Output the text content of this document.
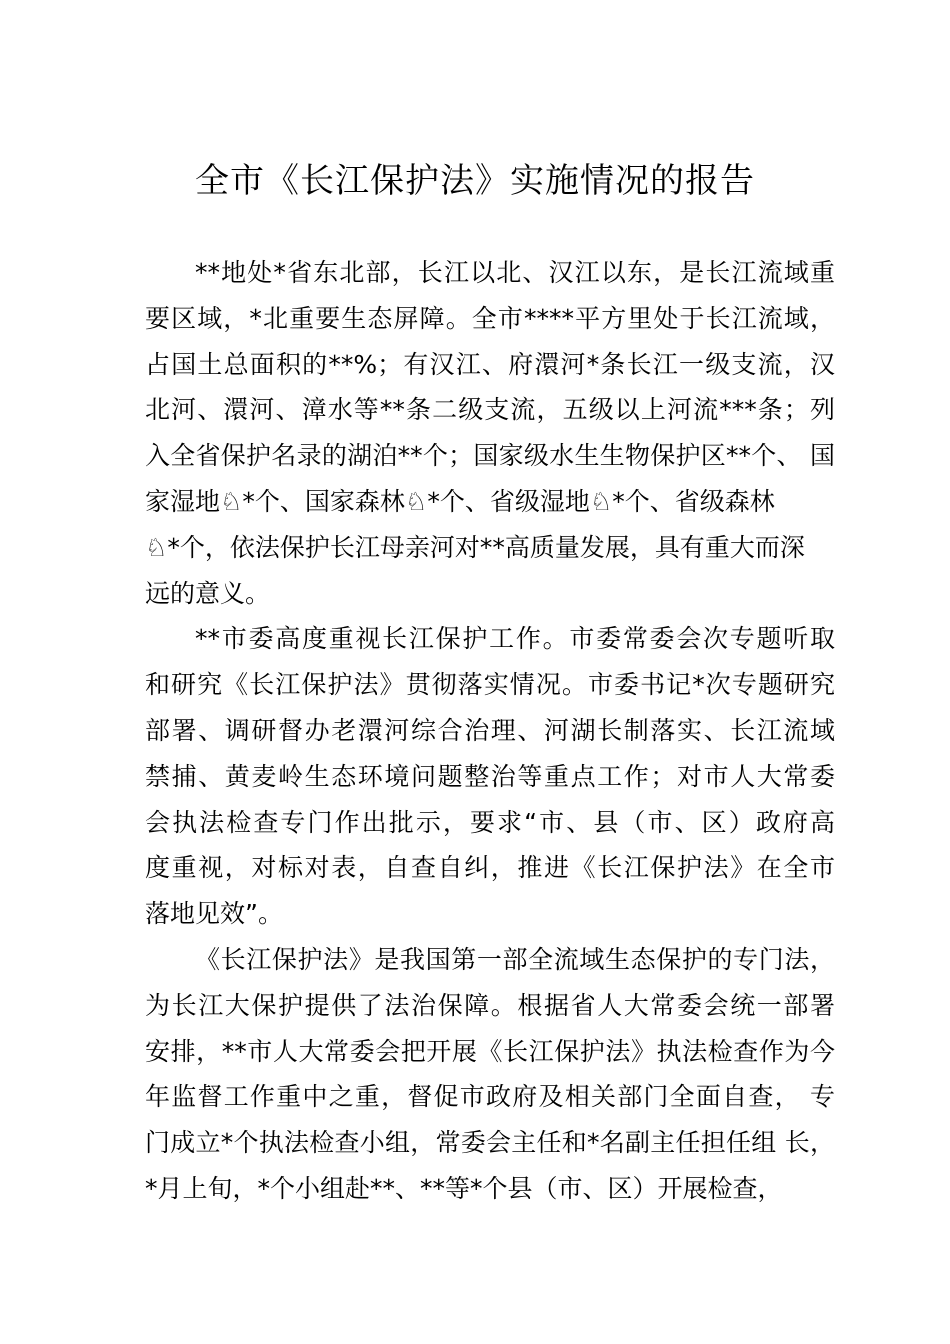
全市《长江保护法》实施情况的报告
**地处*省东北部，长江以北、汉江以东，是长江流域重
要区域，*北重要生态屏障。全市****平方里处于长江流域，
占国土总面积的**%；有汉江、府澴河*条长江一级支流，汉
北河、澴河、漳水等**条二级支流，五级以上河流***条；列
入全省保护名录的湖泊**个；国家级水生生物保护区**个、 国
家湿地♘*个、国家森林♘*个、省级湿地♘*个、省级森林
♘*个，依法保护长江母亲河对**高质量发展，具有重大而深
远的意义。
**市委高度重视长江保护工作。市委常委会次专题听取
和研究《长江保护法》贯彻落实情况。市委书记*次专题研究
部署、调研督办老澴河综合治理、河湖长制落实、长江流域
禁捕、黄麦岭生态环境问题整治等重点工作；对市人大常委
会执法检查专门作出批示，要求“市、县（市、区）政府高
度重视，对标对表，自查自纠，推进《长江保护法》在全市
落地见效”。
《长江保护法》是我国第一部全流域生态保护的专门法，
为长江大保护提供了法治保障。根据省人大常委会统一部署
安排，**市人大常委会把开展《长江保护法》执法检查作为今
年监督工作重中之重，督促市政府及相关部门全面自查， 专
门成立*个执法检查小组，常委会主任和*名副主任担任组 长，
*月上旬，*个小组赴**、**等*个县（市、区）开展检查，
